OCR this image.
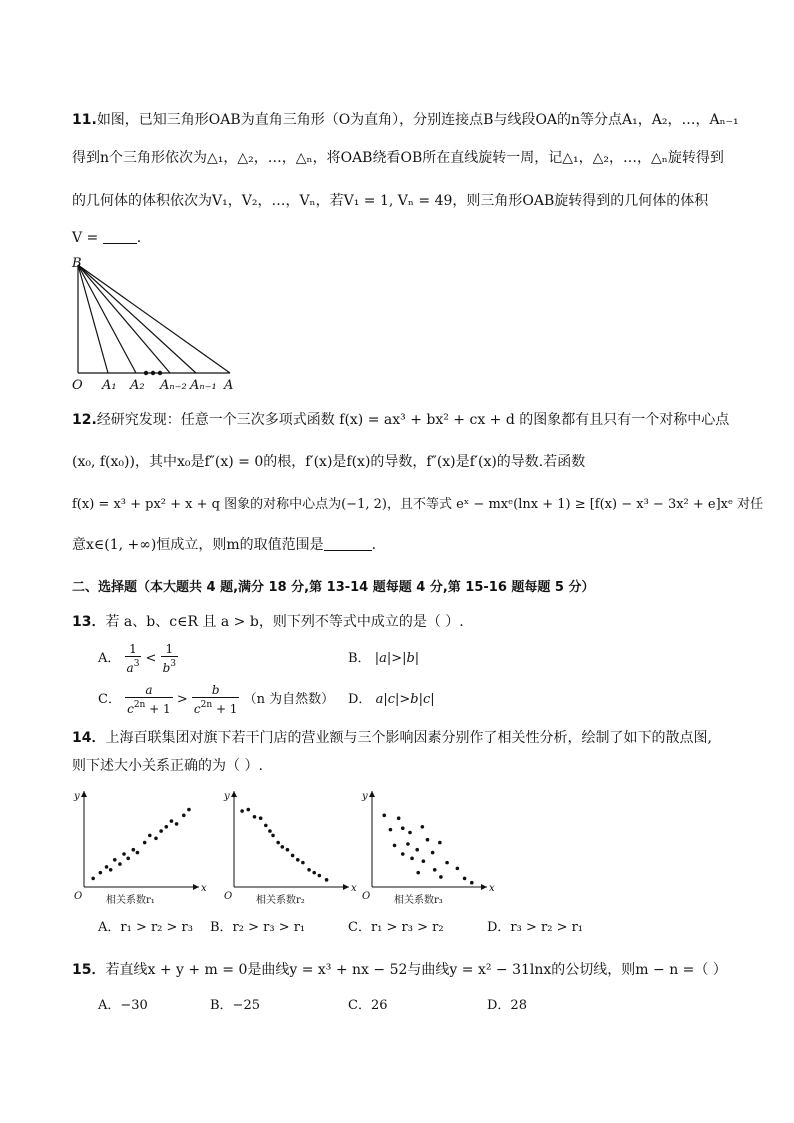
11.如图，已知三角形OAB为直角三角形（O为直角），分别连接点B与线段OA的n等分点A₁，A₂，…，Aₙ₋₁
得到n个三角形依次为△₁，△₂，…，△ₙ，将OAB绕看OB所在直线旋转一周，记△₁，△₂，…，△ₙ旋转得到
的几何体的体积依次为V₁，V₂，…，Vₙ，若V₁ = 1, Vₙ = 49，则三角形OAB旋转得到的几何体的体积
V =	.
B
O A₁ A₂ Aₙ₋₂ Aₙ₋₁ A
12.经研究发现：任意一个三次多项式函数 f(x) = ax³ + bx² + cx + d 的图象都有且只有一个对称中心点
(x₀, f(x₀))，其中x₀是f″(x) = 0的根，f′(x)是f(x)的导数，f″(x)是f′(x)的导数.若函数
f(x) = x³ + px² + x + q 图象的对称中心点为(−1, 2)，且不等式 eˣ − mxᵉ(lnx + 1) ≥ [f(x) − x³ − 3x² + e]xᵉ 对任
意x∈(1, +∞)恒成立，则m的取值范围是	.
二、选择题（本大题共 4 题,满分 18 分,第 13-14 题每题 4 分,第 15-16 题每题 5 分）
13．若 a、b、c∈R 且 a > b，则下列不等式中成立的是（ ）.
A． $\frac{1}{a^3} < \frac{1}{b^3}$	B． |a|>|b|
C． $\frac{a}{c^{2n} + 1} > \frac{b}{c^{2n} + 1} (n$ 为自然数） D． a|c|>b|c|
14．上海百联集团对旗下若干门店的营业额与三个影响因素分别作了相关性分析，绘制了如下的散点图,
则下述大小关系正确的为（ ）.
x
y
O 相关系数r₁
x
y
O 相关系数r₂
x
y
O 相关系数r₃
A．r₁ > r₂ > r₃ B．r₂ > r₃ > r₁	C．r₁ > r₃ > r₂	D．r₃ > r₂ > r₁
15．若直线x + y + m = 0是曲线y = x³ + nx − 52与曲线y = x² − 31lnx的公切线，则m − n =（ ）
A．−30	B．−25	C．26	D．28
